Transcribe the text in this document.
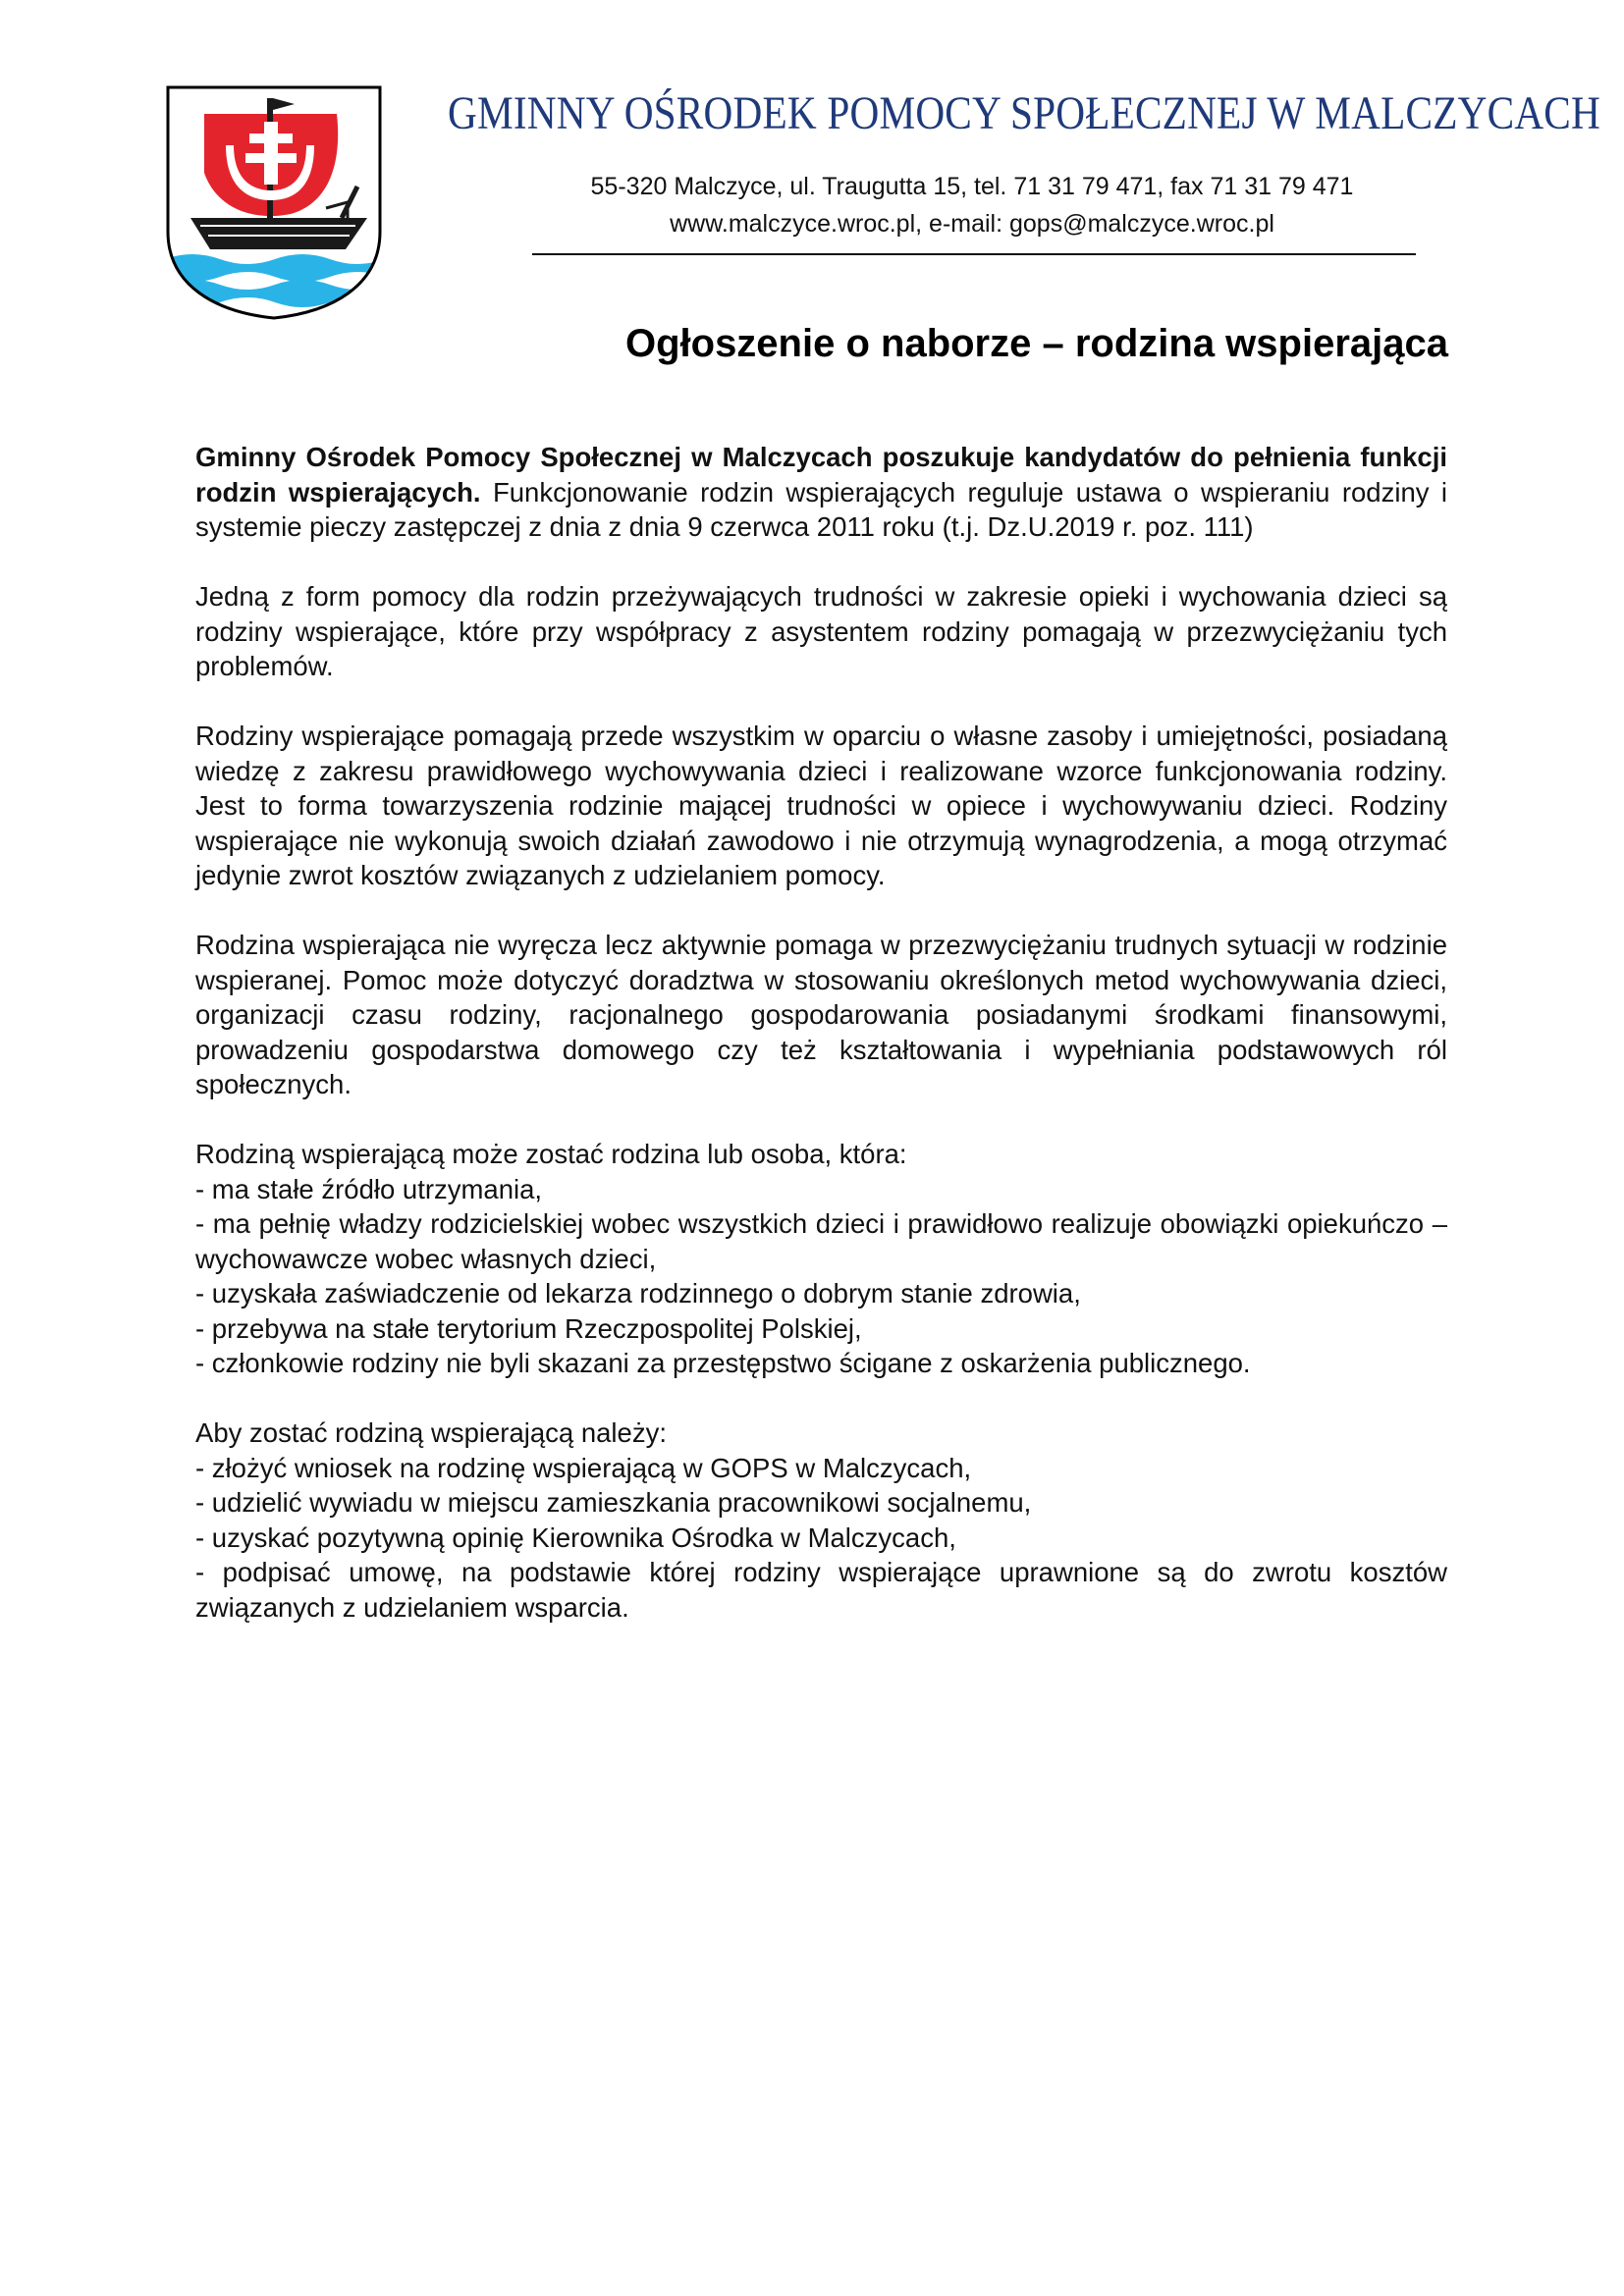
GMINNY OŚRODEK POMOCY SPOŁECZNEJ W MALCZYCACH
55-320 Malczyce, ul. Traugutta 15, tel. 71 31 79 471, fax 71 31 79 471
www.malczyce.wroc.pl, e-mail: gops@malczyce.wroc.pl
Ogłoszenie o naborze – rodzina wspierająca

Gminny Ośrodek Pomocy Społecznej w Malczycach poszukuje kandydatów do pełnienia funkcji rodzin wspierających. Funkcjonowanie rodzin wspierających reguluje ustawa o wspieraniu rodziny i systemie pieczy zastępczej z dnia z dnia 9 czerwca 2011 roku (t.j. Dz.U.2019 r. poz. 111)

Jedną z form pomocy dla rodzin przeżywających trudności w zakresie opieki i wychowania dzieci są rodziny wspierające, które przy współpracy z asystentem rodziny pomagają w przezwyciężaniu tych problemów.

Rodziny wspierające pomagają przede wszystkim w oparciu o własne zasoby i umiejętności, posiadaną wiedzę z zakresu prawidłowego wychowywania dzieci i realizowane wzorce funkcjonowania rodziny. Jest to forma towarzyszenia rodzinie mającej trudności w opiece i wychowywaniu dzieci. Rodziny wspierające nie wykonują swoich działań zawodowo i nie otrzymują wynagrodzenia, a mogą otrzymać jedynie zwrot kosztów związanych z udzielaniem pomocy.

Rodzina wspierająca nie wyręcza lecz aktywnie pomaga w przezwyciężaniu trudnych sytuacji w rodzinie wspieranej. Pomoc może dotyczyć doradztwa w stosowaniu określonych metod wychowywania dzieci, organizacji czasu rodziny, racjonalnego gospodarowania posiadanymi środkami finansowymi, prowadzeniu gospodarstwa domowego czy też kształtowania i wypełniania podstawowych ról społecznych.

Rodziną wspierającą może zostać rodzina lub osoba, która:
- ma stałe źródło utrzymania,
- ma pełnię władzy rodzicielskiej wobec wszystkich dzieci i prawidłowo realizuje obowiązki opiekuńczo – wychowawcze wobec własnych dzieci,
- uzyskała zaświadczenie od lekarza rodzinnego o dobrym stanie zdrowia,
- przebywa na stałe terytorium Rzeczpospolitej Polskiej,
- członkowie rodziny nie byli skazani za przestępstwo ścigane z oskarżenia publicznego.
Aby zostać rodziną wspierającą należy:
- złożyć wniosek na rodzinę wspierającą w GOPS w Malczycach,
- udzielić wywiadu w miejscu zamieszkania pracownikowi socjalnemu,
- uzyskać pozytywną opinię Kierownika Ośrodka w Malczycach,
- podpisać umowę, na podstawie której rodziny wspierające uprawnione są do zwrotu kosztów związanych z udzielaniem wsparcia.
